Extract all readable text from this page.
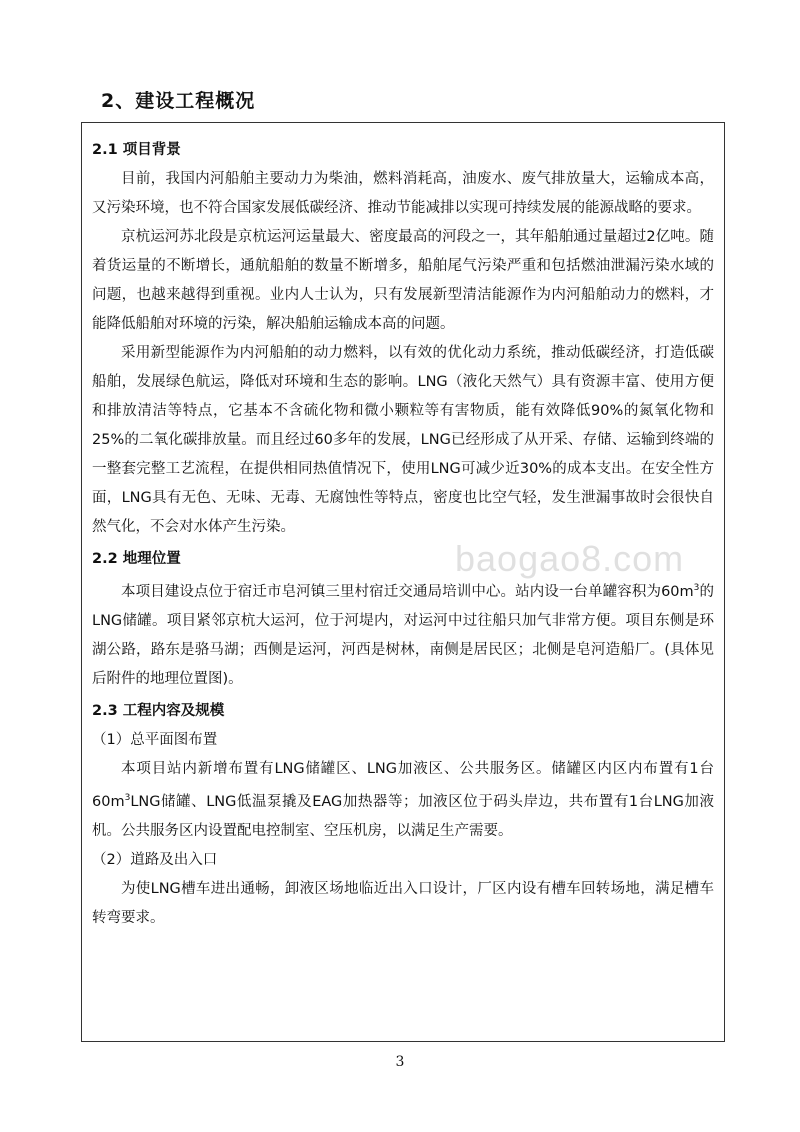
2、建设工程概况
2.1 项目背景

目前，我国内河船舶主要动力为柴油，燃料消耗高，油废水、废气排放量大，运输成本高，又污染环境，也不符合国家发展低碳经济、推动节能减排以实现可持续发展的能源战略的要求。

京杭运河苏北段是京杭运河运量最大、密度最高的河段之一，其年船舶通过量超过2亿吨。随着货运量的不断增长，通航船舶的数量不断增多，船舶尾气污染严重和包括燃油泄漏污染水域的问题，也越来越得到重视。业内人士认为，只有发展新型清洁能源作为内河船舶动力的燃料，才能降低船舶对环境的污染，解决船舶运输成本高的问题。

采用新型能源作为内河船舶的动力燃料，以有效的优化动力系统，推动低碳经济，打造低碳船舶，发展绿色航运，降低对环境和生态的影响。LNG（液化天然气）具有资源丰富、使用方便和排放清洁等特点，它基本不含硫化物和微小颗粒等有害物质，能有效降低90%的氮氧化物和25%的二氧化碳排放量。而且经过60多年的发展，LNG已经形成了从开采、存储、运输到终端的一整套完整工艺流程，在提供相同热值情况下，使用LNG可减少近30%的成本支出。在安全性方面，LNG具有无色、无味、无毒、无腐蚀性等特点，密度也比空气轻，发生泄漏事故时会很快自然气化，不会对水体产生污染。

2.2 地理位置

本项目建设点位于宿迁市皂河镇三里村宿迁交通局培训中心。站内设一台单罐容积为$60m^3$的LNG储罐。项目紧邻京杭大运河，位于河堤内，对运河中过往船只加气非常方便。项目东侧是环湖公路，路东是骆马湖；西侧是运河，河西是树林，南侧是居民区；北侧是皂河造船厂。(具体见后附件的地理位置图)。

2.3 工程内容及规模
（1）总平面图布置

本项目站内新增布置有LNG储罐区、LNG加液区、公共服务区。储罐区内区内布置有1台$60m^3LNG$储罐、LNG低温泵撬及EAG加热器等；加液区位于码头岸边，共布置有1台LNG加液机。公共服务区内设置配电控制室、空压机房，以满足生产需要。

（2）道路及出入口

为使LNG槽车进出通畅，卸液区场地临近出入口设计，厂区内设有槽车回转场地，满足槽车转弯要求。

baogao8.com
3
